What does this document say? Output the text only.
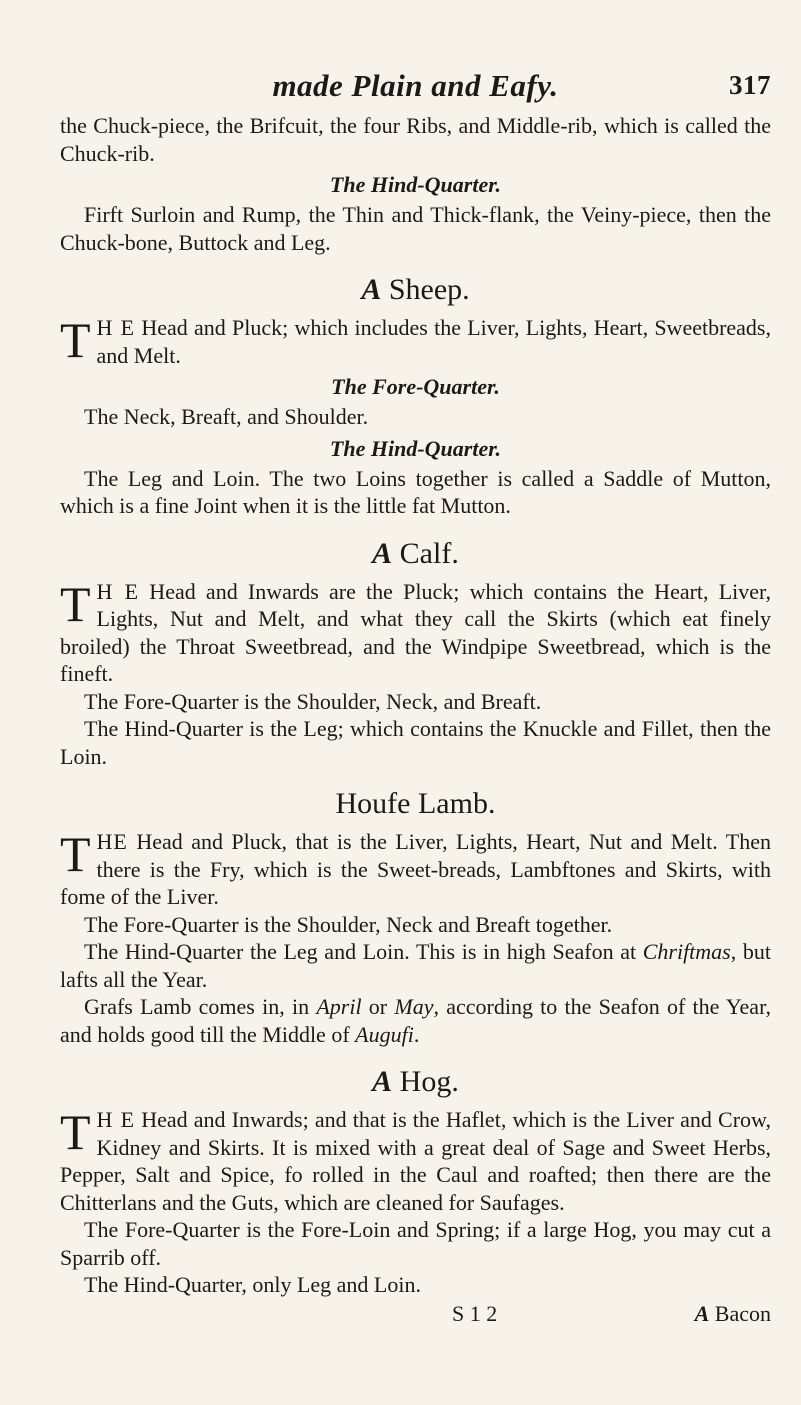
made Plain and Eafy.	317

the Chuck-piece, the Brifcuit, the four Ribs, and Middle-rib, which is called the Chuck-rib.

The Hind-Quarter.

Firft Surloin and Rump, the Thin and Thick-flank, the Veiny-piece, then the Chuck-bone, Buttock and Leg.

A Sheep.

T H E Head and Pluck; which includes the Liver, Lights, Heart, Sweetbreads, and Melt.

The Fore-Quarter.

The Neck, Breaft, and Shoulder.

The Hind-Quarter.

The Leg and Loin. The two Loins together is called a Saddle of Mutton, which is a fine Joint when it is the little fat Mutton.

A Calf.

T H E Head and Inwards are the Pluck; which contains the Heart, Liver, Lights, Nut and Melt, and what they call the Skirts (which eat finely broiled) the Throat Sweetbread, and the Windpipe Sweetbread, which is the fineft.

The Fore-Quarter is the Shoulder, Neck, and Breaft.

The Hind-Quarter is the Leg; which contains the Knuckle and Fillet, then the Loin.

Houfe Lamb.

THE Head and Pluck, that is the Liver, Lights, Heart, Nut and Melt. Then there is the Fry, which is the Sweet-breads, Lambftones and Skirts, with fome of the Liver.

The Fore-Quarter is the Shoulder, Neck and Breaft together.

The Hind-Quarter the Leg and Loin. This is in high Seafon at Chriftmas, but lafts all the Year.

Grafs Lamb comes in, in April or May, according to the Seafon of the Year, and holds good till the Middle of Augufi.

A Hog.

T H E Head and Inwards; and that is the Haflet, which is the Liver and Crow, Kidney and Skirts. It is mixed with a great deal of Sage and Sweet Herbs, Pepper, Salt and Spice, fo rolled in the Caul and roafted; then there are the Chitterlans and the Guts, which are cleaned for Saufages.

The Fore-Quarter is the Fore-Loin and Spring; if a large Hog, you may cut a Sparrib off.

The Hind-Quarter, only Leg and Loin.

S 1 2	A Bacon
